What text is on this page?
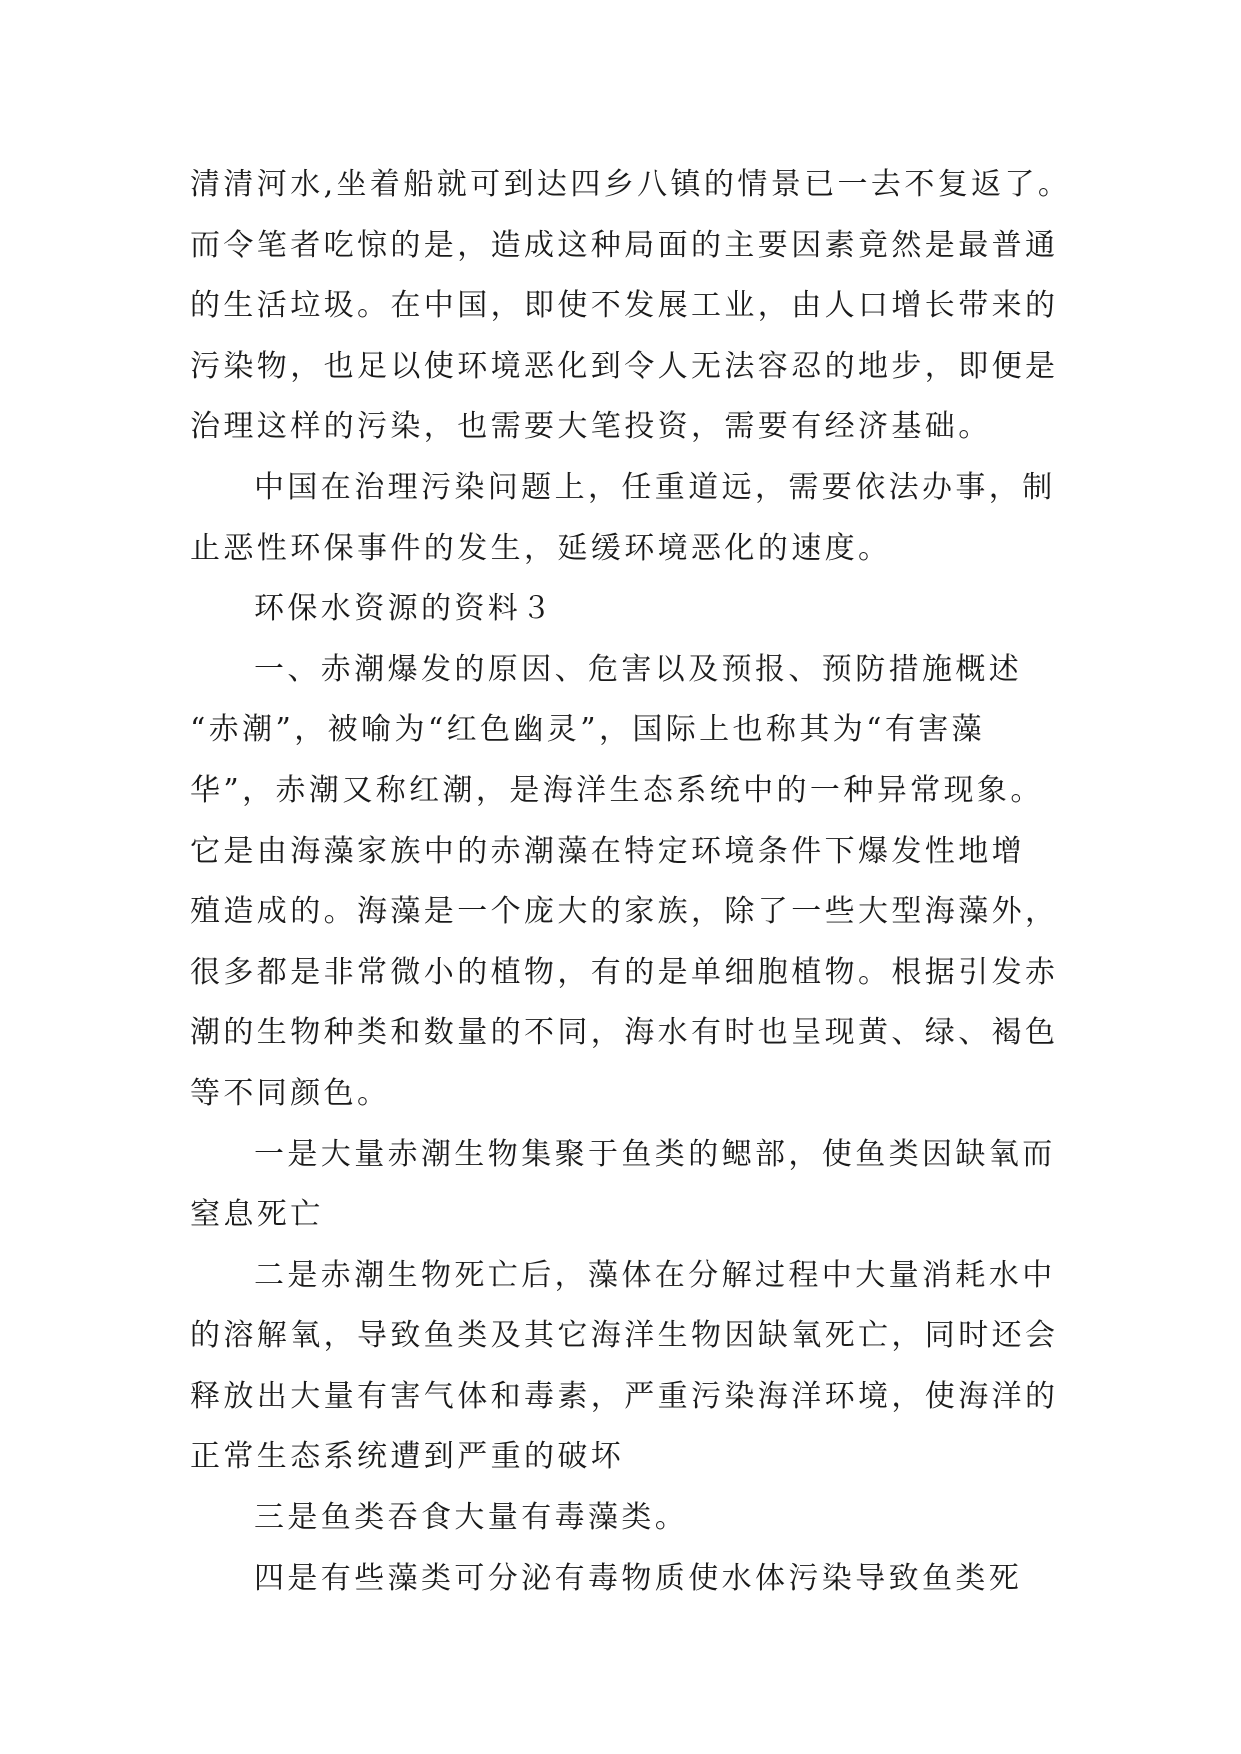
清清河水,坐着船就可到达四乡八镇的情景已一去不复返了。
而令笔者吃惊的是，造成这种局面的主要因素竟然是最普通
的生活垃圾。在中国，即使不发展工业，由人口增长带来的
污染物，也足以使环境恶化到令人无法容忍的地步，即便是
治理这样的污染，也需要大笔投资，需要有经济基础。
中国在治理污染问题上，任重道远，需要依法办事，制
止恶性环保事件的发生，延缓环境恶化的速度。
环保水资源的资料３
一、赤潮爆发的原因、危害以及预报、预防措施概述
“赤潮”，被喻为“红色幽灵”，国际上也称其为“有害藻
华”，赤潮又称红潮，是海洋生态系统中的一种异常现象。
它是由海藻家族中的赤潮藻在特定环境条件下爆发性地增
殖造成的。海藻是一个庞大的家族，除了一些大型海藻外，
很多都是非常微小的植物，有的是单细胞植物。根据引发赤
潮的生物种类和数量的不同，海水有时也呈现黄、绿、褐色
等不同颜色。
一是大量赤潮生物集聚于鱼类的鳃部，使鱼类因缺氧而
窒息死亡
二是赤潮生物死亡后，藻体在分解过程中大量消耗水中
的溶解氧，导致鱼类及其它海洋生物因缺氧死亡，同时还会
释放出大量有害气体和毒素，严重污染海洋环境，使海洋的
正常生态系统遭到严重的破坏
三是鱼类吞食大量有毒藻类。
四是有些藻类可分泌有毒物质使水体污染导致鱼类死
